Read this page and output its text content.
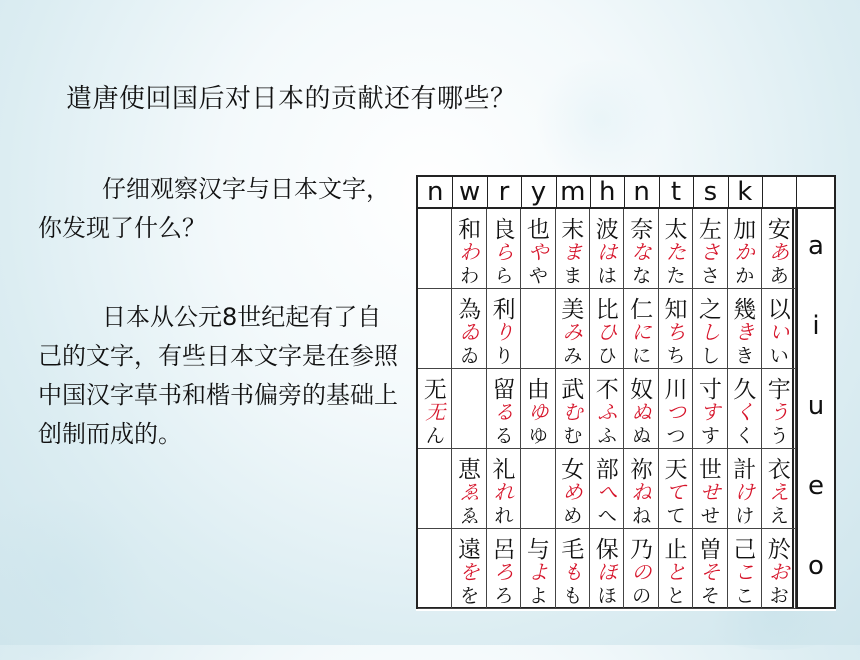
遣唐使回国后对日本的贡献还有哪些？
仔细观察汉字与日本文字，你发现了什么？
日本从公元8世纪起有了自己的文字，有些日本文字是在参照中国汉字草书和楷书偏旁的基础上创制而成的。
n w r y m h n t s k
无
无
ん
和
わ
わ
為
ゐ
ゐ
恵
ゑ
ゑ
遠
を
を
良
ら
ら
利
り
り
留
る
る
礼
れ
れ
呂
ろ
ろ
也
や
や
由
ゆ
ゆ
与
よ
よ
末
ま
ま
美
み
み
武
む
む
女
め
め
毛
も
も
波
は
は
比
ひ
ひ
不
ふ
ふ
部
へ
へ
保
ほ
ほ
奈
な
な
仁
に
に
奴
ぬ
ぬ
祢
ね
ね
乃
の
の
太
た
た
知
ち
ち
川
つ
つ
天
て
て
止
と
と
左
さ
さ
之
し
し
寸
す
す
世
せ
せ
曽
そ
そ
加
か
か
幾
き
き
久
く
く
計
け
け
己
こ
こ
安
あ
あ
以
い
い
宇
う
う
衣
え
え
於
お
お
a
i
u
e
o
